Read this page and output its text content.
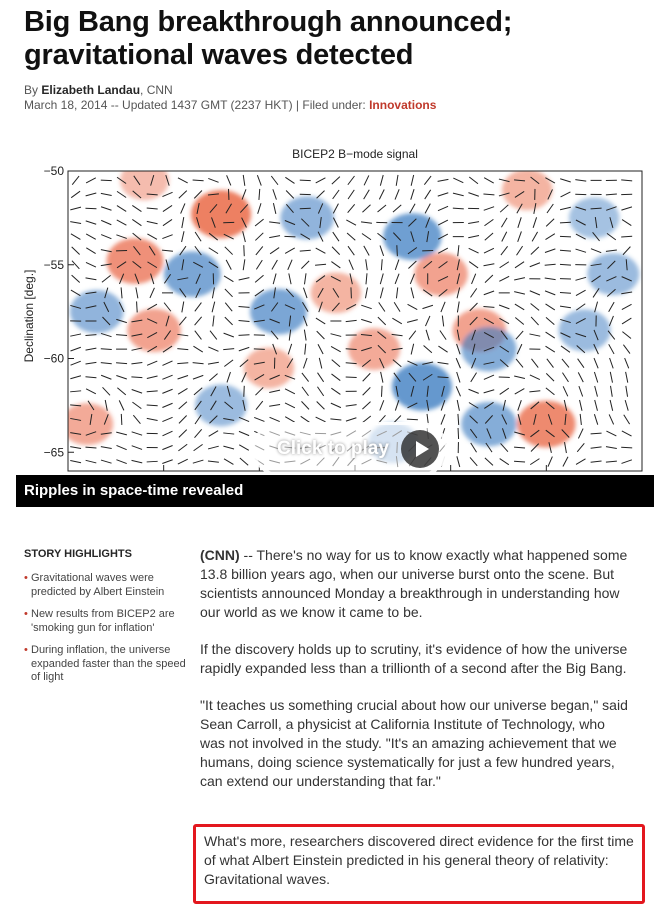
Big Bang breakthrough announced;
gravitational waves detected
By Elizabeth Landau, CNN
March 18, 2014 -- Updated 1437 GMT (2237 HKT) | Filed under: Innovations
BICEP2 B−mode signal
Declination [deg.]
−50
−55
−60
−65	Click to play
Ripples in space-time revealed
STORY HIGHLIGHTS
• Gravitational waves were predicted by Albert Einstein
• New results from BICEP2 are 'smoking gun for inflation'
• During inflation, the universe expanded faster than the speed of light

(CNN) -- There's no way for us to know exactly what happened some 13.8 billion years ago, when our universe burst onto the scene. But scientists announced Monday a breakthrough in understanding how our world as we know it came to be.

If the discovery holds up to scrutiny, it's evidence of how the universe rapidly expanded less than a trillionth of a second after the Big Bang.

"It teaches us something crucial about how our universe began," said Sean Carroll, a physicist at California Institute of Technology, who was not involved in the study. "It's an amazing achievement that we humans, doing science systematically for just a few hundred years, can extend our understanding that far."

What's more, researchers discovered direct evidence for the first time of what Albert Einstein predicted in his general theory of relativity: Gravitational waves.
